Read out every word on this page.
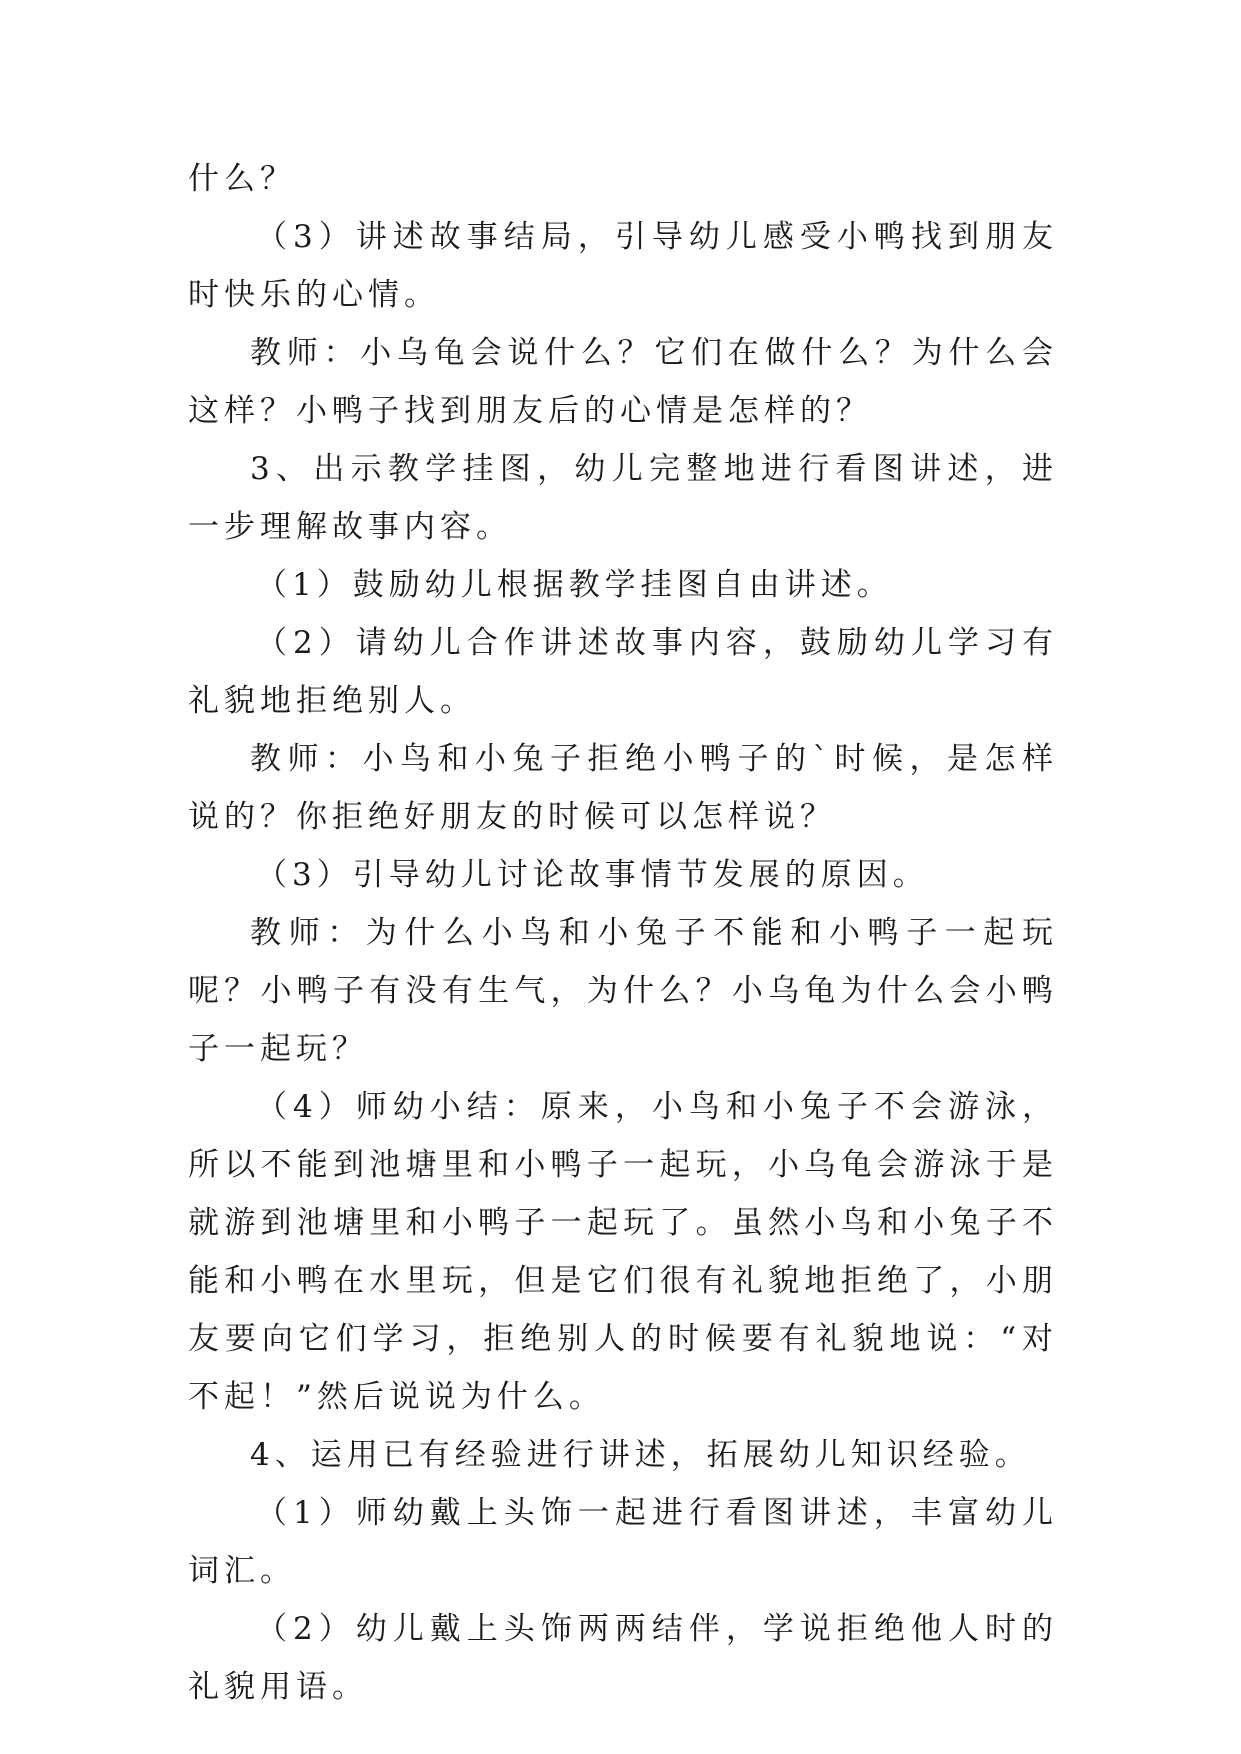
什么？

（3）讲述故事结局，引导幼儿感受小鸭找到朋友时快乐的心情。

教师：小乌龟会说什么？它们在做什么？为什么会这样？小鸭子找到朋友后的心情是怎样的？

3、出示教学挂图，幼儿完整地进行看图讲述，进一步理解故事内容。

（1）鼓励幼儿根据教学挂图自由讲述。

（2）请幼儿合作讲述故事内容，鼓励幼儿学习有礼貌地拒绝别人。

教师：小鸟和小兔子拒绝小鸭子的`时候，是怎样说的？你拒绝好朋友的时候可以怎样说？

（3）引导幼儿讨论故事情节发展的原因。

教师：为什么小鸟和小兔子不能和小鸭子一起玩呢？小鸭子有没有生气，为什么？小乌龟为什么会小鸭子一起玩？

（4）师幼小结：原来，小鸟和小兔子不会游泳，所以不能到池塘里和小鸭子一起玩，小乌龟会游泳于是就游到池塘里和小鸭子一起玩了。虽然小鸟和小兔子不能和小鸭在水里玩，但是它们很有礼貌地拒绝了，小朋友要向它们学习，拒绝别人的时候要有礼貌地说：“对不起！”然后说说为什么。

4、运用已有经验进行讲述，拓展幼儿知识经验。

（1）师幼戴上头饰一起进行看图讲述，丰富幼儿词汇。

（2）幼儿戴上头饰两两结伴，学说拒绝他人时的礼貌用语。
